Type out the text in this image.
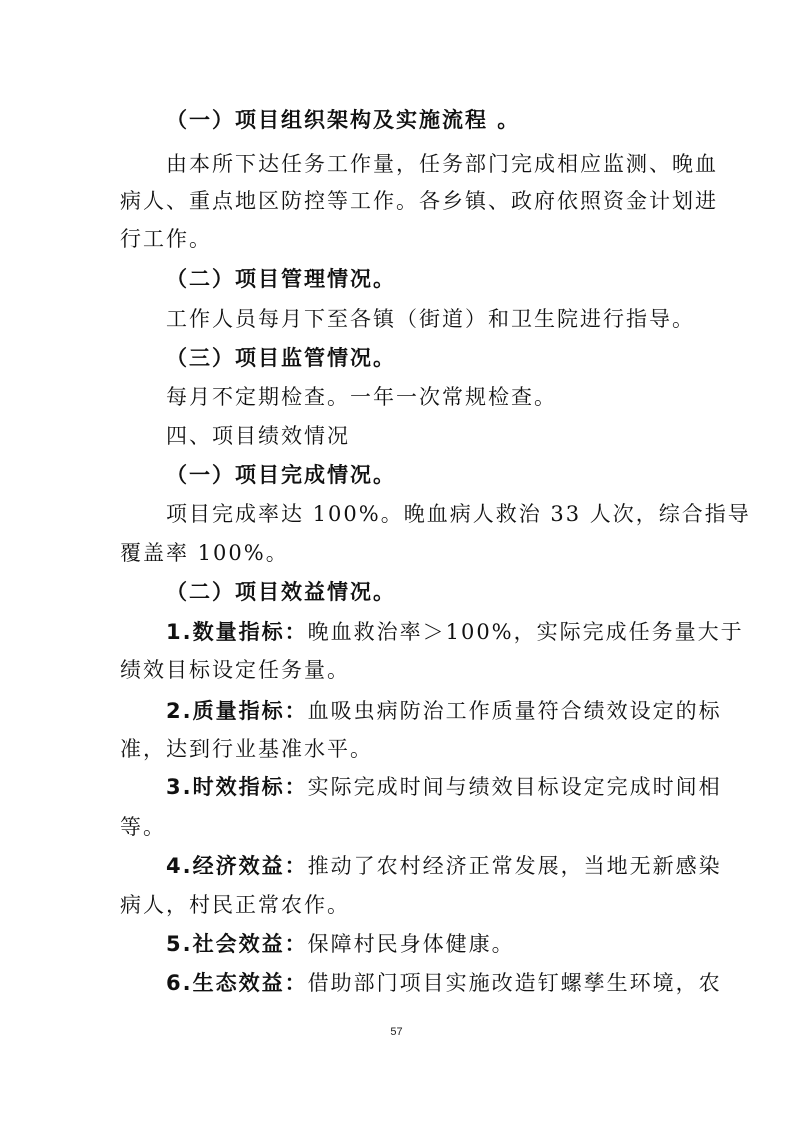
（一）项目组织架构及实施流程 。
由本所下达任务工作量，任务部门完成相应监测、晚血
病人、重点地区防控等工作。各乡镇、政府依照资金计划进
行工作。
（二）项目管理情况。
工作人员每月下至各镇（街道）和卫生院进行指导。
（三）项目监管情况。
每月不定期检查。一年一次常规检查。
四、项目绩效情况
（一）项目完成情况。
项目完成率达 100%。晚血病人救治 33 人次，综合指导
覆盖率 100%。
（二）项目效益情况。
1.数量指标：晚血救治率＞100%，实际完成任务量大于
绩效目标设定任务量。
2.质量指标：血吸虫病防治工作质量符合绩效设定的标
准，达到行业基准水平。
3.时效指标：实际完成时间与绩效目标设定完成时间相
等。
4.经济效益：推动了农村经济正常发展，当地无新感染
病人，村民正常农作。
5.社会效益：保障村民身体健康。
6.生态效益：借助部门项目实施改造钉螺孳生环境，农
57
